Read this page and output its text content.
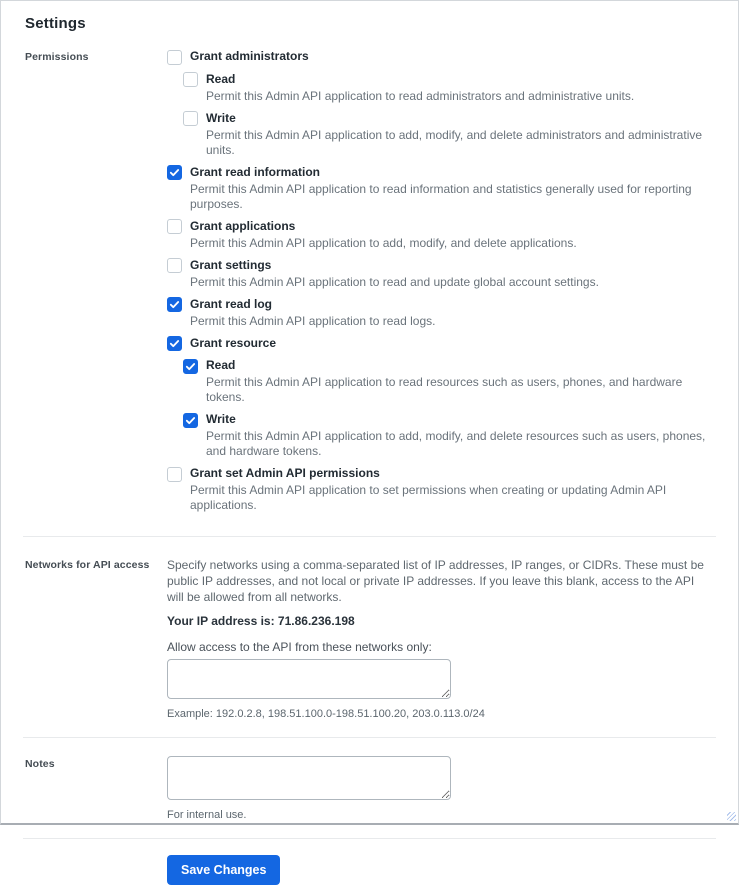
Settings
Permissions	Grant administrators
Read
Permit this Admin API application to read administrators and administrative units.
Write
Permit this Admin API application to add, modify, and delete administrators and administrative units.
Grant read information
Permit this Admin API application to read information and statistics generally used for reporting purposes.
Grant applications
Permit this Admin API application to add, modify, and delete applications.
Grant settings
Permit this Admin API application to read and update global account settings.
Grant read log
Permit this Admin API application to read logs.
Grant resource
Read
Permit this Admin API application to read resources such as users, phones, and hardware tokens.
Write
Permit this Admin API application to add, modify, and delete resources such as users, phones, and hardware tokens.
Grant set Admin API permissions
Permit this Admin API application to set permissions when creating or updating Admin API applications.
Networks for API access	Specify networks using a comma-separated list of IP addresses, IP ranges, or CIDRs. These must be public IP addresses, and not local or private IP addresses. If you leave this blank, access to the API will be allowed from all networks.

Your IP address is: 71.86.236.198

Allow access to the API from these networks only:

Example: 192.0.2.8, 198.51.100.0-198.51.100.20, 203.0.113.0/24

Notes

For internal use.

Save Changes
